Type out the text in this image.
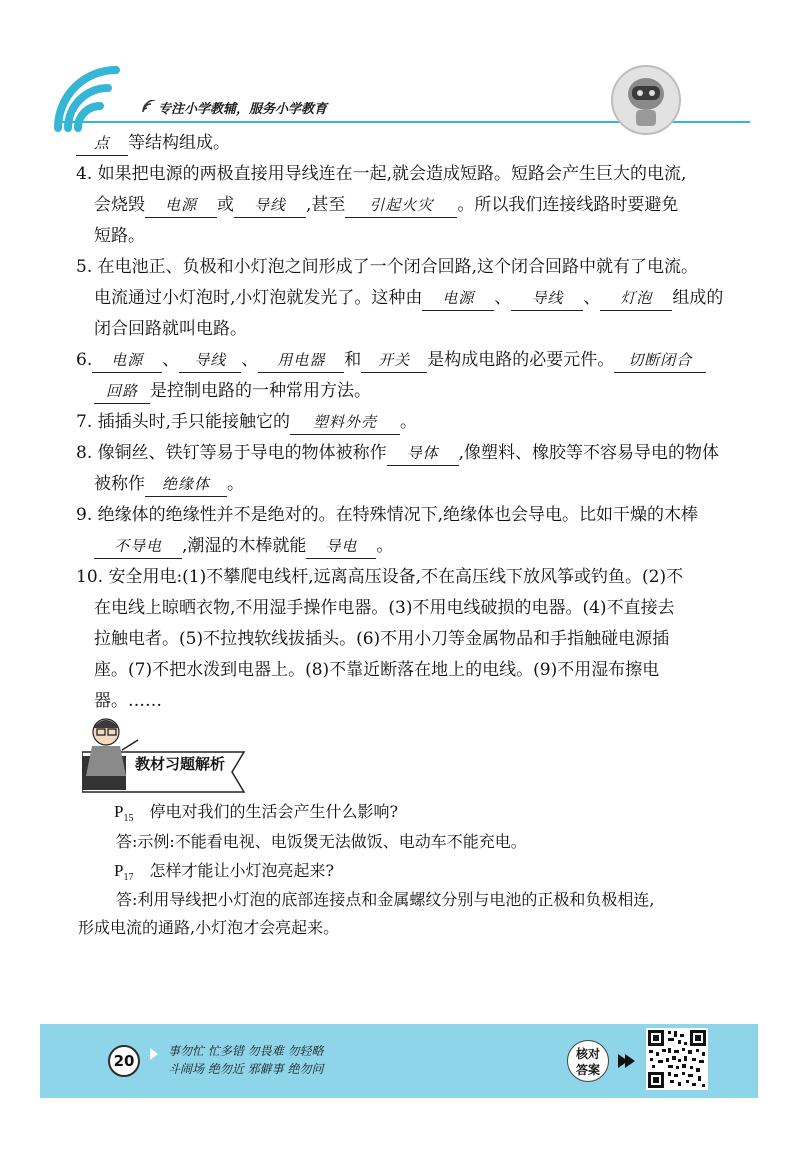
专注小学教辅，服务小学教育
点 等结构组成。
4. 如果把电源的两极直接用导线连在一起,就会造成短路。短路会产生巨大的电流,
会烧毁 电源 或 导线 ,甚至 引起火灾 。所以我们连接线路时要避免
短路。
5. 在电池正、负极和小灯泡之间形成了一个闭合回路,这个闭合回路中就有了电流。
电流通过小灯泡时,小灯泡就发光了。这种由 电源 、 导线 、 灯泡 组成的
闭合回路就叫电路。
6. 电源 、 导线 、 用电器 和 开关 是构成电路的必要元件。 切断闭合
回路 是控制电路的一种常用方法。
7. 插插头时,手只能接触它的 塑料外壳 。
8. 像铜丝、铁钉等易于导电的物体被称作 导体 ,像塑料、橡胶等不容易导电的物体
被称作 绝缘体 。
9. 绝缘体的绝缘性并不是绝对的。在特殊情况下,绝缘体也会导电。比如干燥的木棒
不导电 ,潮湿的木棒就能 导电 。
10. 安全用电:(1)不攀爬电线杆,远离高压设备,不在高压线下放风筝或钓鱼。(2)不
在电线上晾晒衣物,不用湿手操作电器。(3)不用电线破损的电器。(4)不直接去
拉触电者。(5)不拉拽软线拔插头。(6)不用小刀等金属物品和手指触碰电源插
座。(7)不把水泼到电器上。(8)不靠近断落在地上的电线。(9)不用湿布擦电
器。……
教材习题解析
$P_{15}$ 停电对我们的生活会产生什么影响?
答:示例:不能看电视、电饭煲无法做饭、电动车不能充电。
$P_{17}$ 怎样才能让小灯泡亮起来?
答:利用导线把小灯泡的底部连接点和金属螺纹分别与电池的正极和负极相连,
形成电流的通路,小灯泡才会亮起来。
20
事勿忙 忙多错 勿畏难 勿轻略
斗闹场 绝勿近 邪僻事 绝勿问
核对
答案
